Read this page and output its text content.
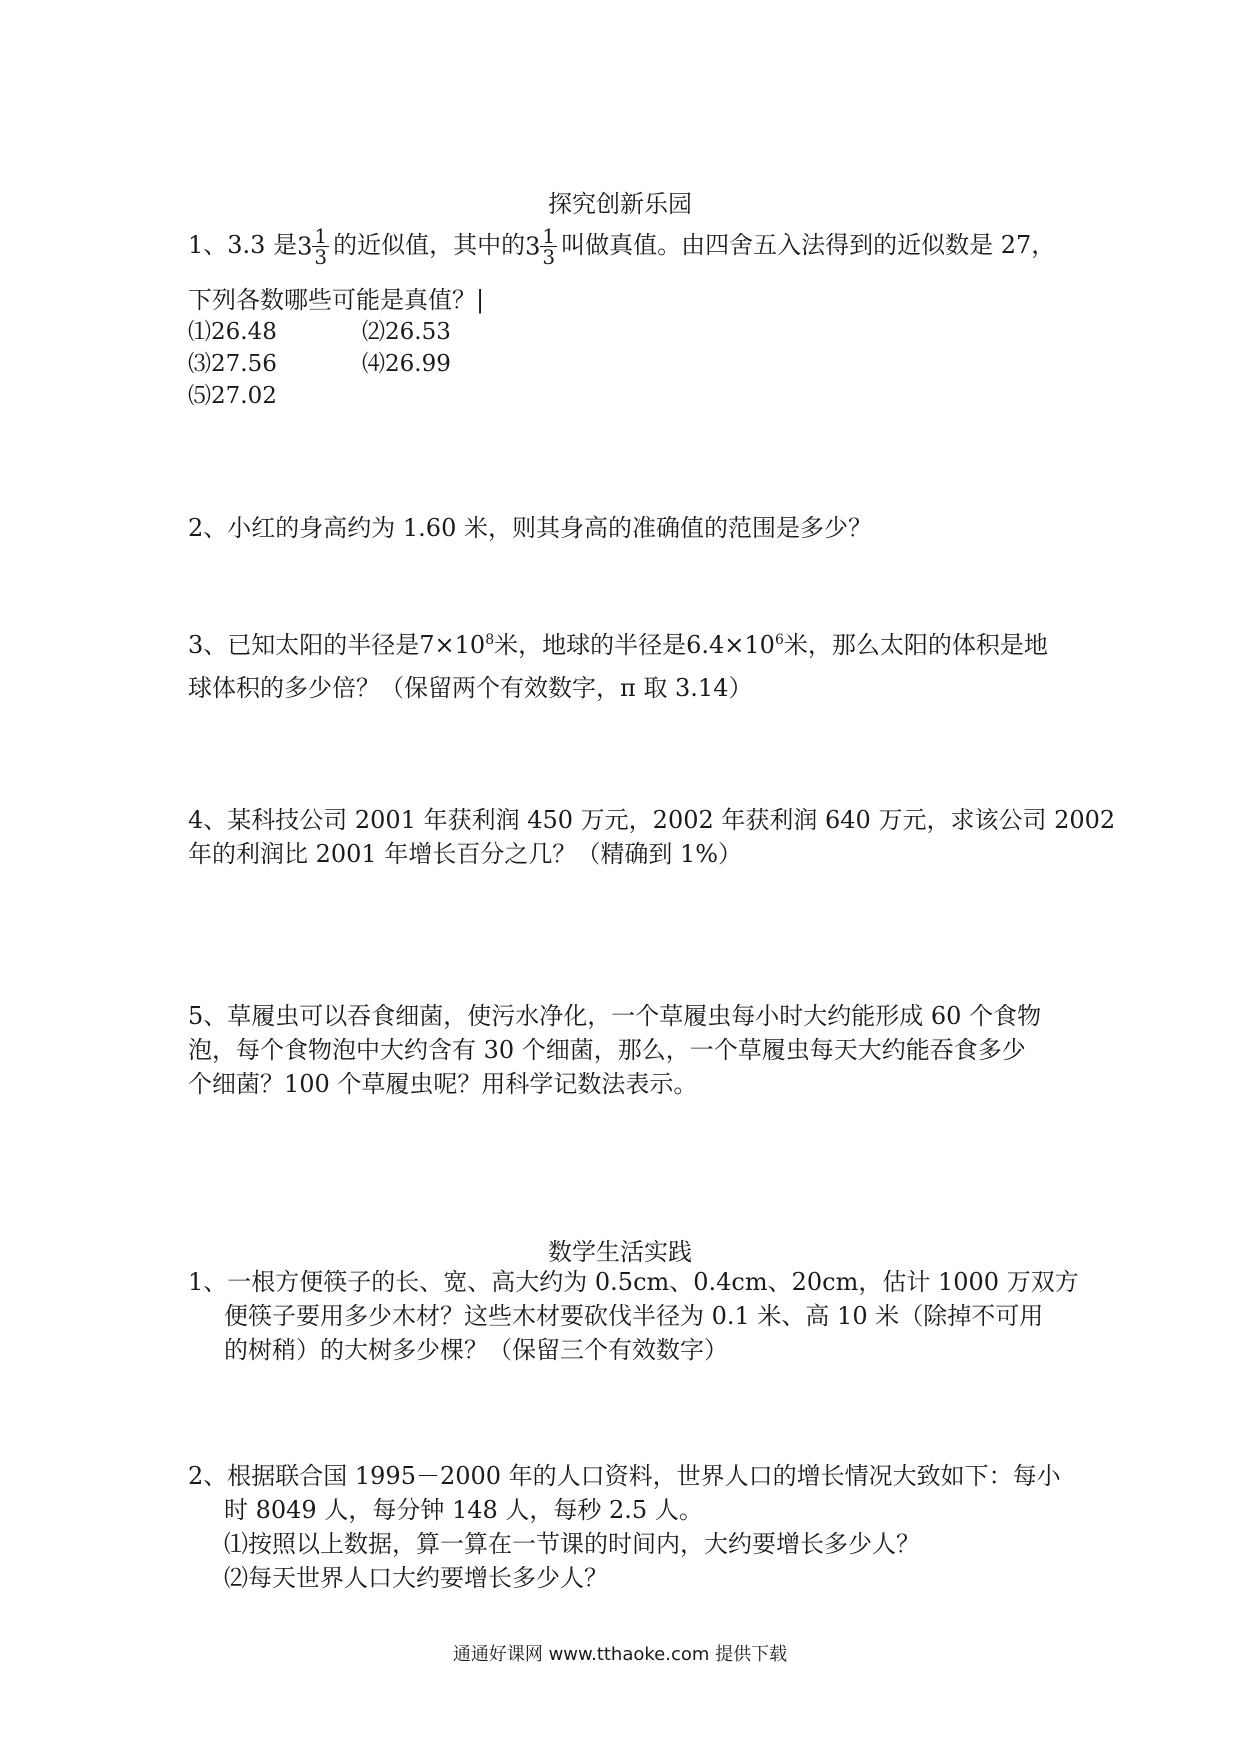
探究创新乐园
1、3.3 是$3 \frac{1}{3}$ 的近似值，其中的$3 \frac{1}{3}$ 叫做真值。由四舍五入法得到的近似数是 27，
下列各数哪些可能是真值？|
⑴26.48	⑵26.53
⑶27.56	⑷26.99
⑸27.02
2、小红的身高约为 1.60 米，则其身高的准确值的范围是多少？
3、已知太阳的半径是$7\times 10^8$米，地球的半径是$6.4\times 10^6$米，那么太阳的体积是地
球体积的多少倍？（保留两个有效数字，π 取 3.14）
4、某科技公司 2001 年获利润 450 万元，2002 年获利润 640 万元，求该公司 2002
年的利润比 2001 年增长百分之几？（精确到 1%）
5、草履虫可以吞食细菌，使污水净化，一个草履虫每小时大约能形成 60 个食物
泡，每个食物泡中大约含有 30 个细菌，那么，一个草履虫每天大约能吞食多少
个细菌？100 个草履虫呢？用科学记数法表示。
数学生活实践
1、一根方便筷子的长、宽、高大约为 0.5cm、0.4cm、20cm，估计 1000 万双方
便筷子要用多少木材？这些木材要砍伐半径为 0.1 米、高 10 米（除掉不可用
的树稍）的大树多少棵？（保留三个有效数字）
2、根据联合国 1995－2000 年的人口资料，世界人口的增长情况大致如下：每小
时 8049 人，每分钟 148 人，每秒 2.5 人。
⑴按照以上数据，算一算在一节课的时间内，大约要增长多少人？
⑵每天世界人口大约要增长多少人？
通通好课网 www.tthaoke.com 提供下载
